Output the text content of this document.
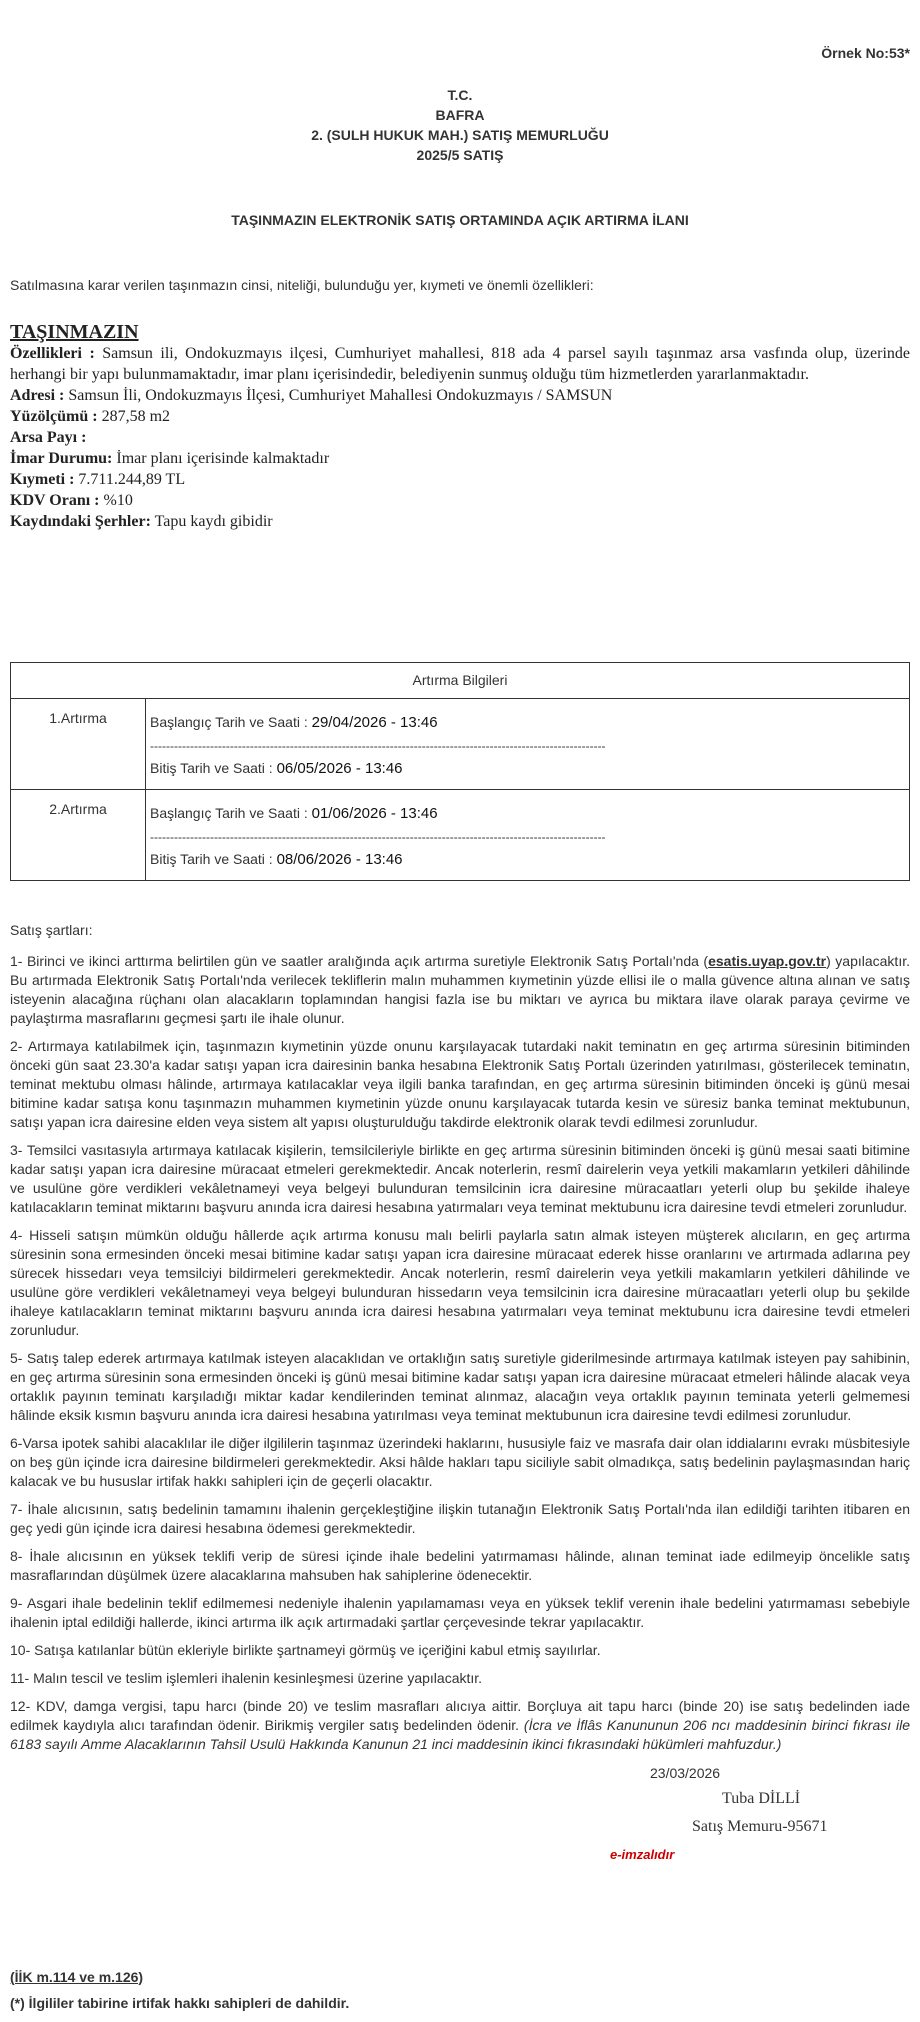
Örnek No:53*
T.C.
BAFRA
2. (SULH HUKUK MAH.) SATIŞ MEMURLUĞU
2025/5 SATIŞ
TAŞINMAZIN ELEKTRONİK SATIŞ ORTAMINDA AÇIK ARTIRMA İLANI
Satılmasına karar verilen taşınmazın cinsi, niteliği, bulunduğu yer, kıymeti ve önemli özellikleri:
TAŞINMAZIN
Özellikleri : Samsun ili, Ondokuzmayıs ilçesi, Cumhuriyet mahallesi, 818 ada 4 parsel sayılı taşınmaz arsa vasfında olup, üzerinde herhangi bir yapı bulunmamaktadır, imar planı içerisindedir, belediyenin sunmuş olduğu tüm hizmetlerden yararlanmaktadır.
Adresi : Samsun İli, Ondokuzmayıs İlçesi, Cumhuriyet Mahallesi Ondokuzmayıs / SAMSUN
Yüzölçümü : 287,58 m2
Arsa Payı :
İmar Durumu: İmar planı içerisinde kalmaktadır
Kıymeti : 7.711.244,89 TL
KDV Oranı : %10
Kaydındaki Şerhler: Tapu kaydı gibidir
Artırma Bilgileri	
1.Artırma	Başlangıç Tarih ve Saati : 29/04/2026 - 13:46
------------------------------------------------------------------------------------------------------------------
Bitiş Tarih ve Saati : 06/05/2026 - 13:46

2.Artırma	Başlangıç Tarih ve Saati : 01/06/2026 - 13:46
------------------------------------------------------------------------------------------------------------------
Bitiş Tarih ve Saati : 08/06/2026 - 13:46
Satış şartları:

1- Birinci ve ikinci arttırma belirtilen gün ve saatler aralığında açık artırma suretiyle Elektronik Satış Portalı'nda (esatis.uyap.gov.tr) yapılacaktır. Bu artırmada Elektronik Satış Portalı'nda verilecek tekliflerin malın muhammen kıymetinin yüzde ellisi ile o malla güvence altına alınan ve satış isteyenin alacağına rüçhanı olan alacakların toplamından hangisi fazla ise bu miktarı ve ayrıca bu miktara ilave olarak paraya çevirme ve paylaştırma masraflarını geçmesi şartı ile ihale olunur.

2- Artırmaya katılabilmek için, taşınmazın kıymetinin yüzde onunu karşılayacak tutardaki nakit teminatın en geç artırma süresinin bitiminden önceki gün saat 23.30'a kadar satışı yapan icra dairesinin banka hesabına Elektronik Satış Portalı üzerinden yatırılması, gösterilecek teminatın, teminat mektubu olması hâlinde, artırmaya katılacaklar veya ilgili banka tarafından, en geç artırma süresinin bitiminden önceki iş günü mesai bitimine kadar satışa konu taşınmazın muhammen kıymetinin yüzde onunu karşılayacak tutarda kesin ve süresiz banka teminat mektubunun, satışı yapan icra dairesine elden veya sistem alt yapısı oluşturulduğu takdirde elektronik olarak tevdi edilmesi zorunludur.

3- Temsilci vasıtasıyla artırmaya katılacak kişilerin, temsilcileriyle birlikte en geç artırma süresinin bitiminden önceki iş günü mesai saati bitimine kadar satışı yapan icra dairesine müracaat etmeleri gerekmektedir. Ancak noterlerin, resmî dairelerin veya yetkili makamların yetkileri dâhilinde ve usulüne göre verdikleri vekâletnameyi veya belgeyi bulunduran temsilcinin icra dairesine müracaatları yeterli olup bu şekilde ihaleye katılacakların teminat miktarını başvuru anında icra dairesi hesabına yatırmaları veya teminat mektubunu icra dairesine tevdi etmeleri zorunludur.

4- Hisseli satışın mümkün olduğu hâllerde açık artırma konusu malı belirli paylarla satın almak isteyen müşterek alıcıların, en geç artırma süresinin sona ermesinden önceki mesai bitimine kadar satışı yapan icra dairesine müracaat ederek hisse oranlarını ve artırmada adlarına pey sürecek hissedarı veya temsilciyi bildirmeleri gerekmektedir. Ancak noterlerin, resmî dairelerin veya yetkili makamların yetkileri dâhilinde ve usulüne göre verdikleri vekâletnameyi veya belgeyi bulunduran hissedarın veya temsilcinin icra dairesine müracaatları yeterli olup bu şekilde ihaleye katılacakların teminat miktarını başvuru anında icra dairesi hesabına yatırmaları veya teminat mektubunu icra dairesine tevdi etmeleri zorunludur.

5- Satış talep ederek artırmaya katılmak isteyen alacaklıdan ve ortaklığın satış suretiyle giderilmesinde artırmaya katılmak isteyen pay sahibinin, en geç artırma süresinin sona ermesinden önceki iş günü mesai bitimine kadar satışı yapan icra dairesine müracaat etmeleri hâlinde alacak veya ortaklık payının teminatı karşıladığı miktar kadar kendilerinden teminat alınmaz, alacağın veya ortaklık payının teminata yeterli gelmemesi hâlinde eksik kısmın başvuru anında icra dairesi hesabına yatırılması veya teminat mektubunun icra dairesine tevdi edilmesi zorunludur.

6-Varsa ipotek sahibi alacaklılar ile diğer ilgililerin taşınmaz üzerindeki haklarını, hususiyle faiz ve masrafa dair olan iddialarını evrakı müsbitesiyle on beş gün içinde icra dairesine bildirmeleri gerekmektedir. Aksi hâlde hakları tapu siciliyle sabit olmadıkça, satış bedelinin paylaşmasından hariç kalacak ve bu hususlar irtifak hakkı sahipleri için de geçerli olacaktır.

7- İhale alıcısının, satış bedelinin tamamını ihalenin gerçekleştiğine ilişkin tutanağın Elektronik Satış Portalı'nda ilan edildiği tarihten itibaren en geç yedi gün içinde icra dairesi hesabına ödemesi gerekmektedir.

8- İhale alıcısının en yüksek teklifi verip de süresi içinde ihale bedelini yatırmaması hâlinde, alınan teminat iade edilmeyip öncelikle satış masraflarından düşülmek üzere alacaklarına mahsuben hak sahiplerine ödenecektir.

9- Asgari ihale bedelinin teklif edilmemesi nedeniyle ihalenin yapılamaması veya en yüksek teklif verenin ihale bedelini yatırmaması sebebiyle ihalenin iptal edildiği hallerde, ikinci artırma ilk açık artırmadaki şartlar çerçevesinde tekrar yapılacaktır.

10- Satışa katılanlar bütün ekleriyle birlikte şartnameyi görmüş ve içeriğini kabul etmiş sayılırlar.

11- Malın tescil ve teslim işlemleri ihalenin kesinleşmesi üzerine yapılacaktır.

12- KDV, damga vergisi, tapu harcı (binde 20) ve teslim masrafları alıcıya aittir. Borçluya ait tapu harcı (binde 20) ise satış bedelinden iade edilmek kaydıyla alıcı tarafından ödenir. Birikmiş vergiler satış bedelinden ödenir. (İcra ve İflâs Kanununun 206 ncı maddesinin birinci fıkrası ile 6183 sayılı Amme Alacaklarının Tahsil Usulü Hakkında Kanunun 21 inci maddesinin ikinci fıkrasındaki hükümleri mahfuzdur.)

23/03/2026
Tuba DİLLİ
Satış Memuru-95671
e-imzalıdır
(İİK m.114 ve m.126)
(*) İlgililer tabirine irtifak hakkı sahipleri de dahildir.
